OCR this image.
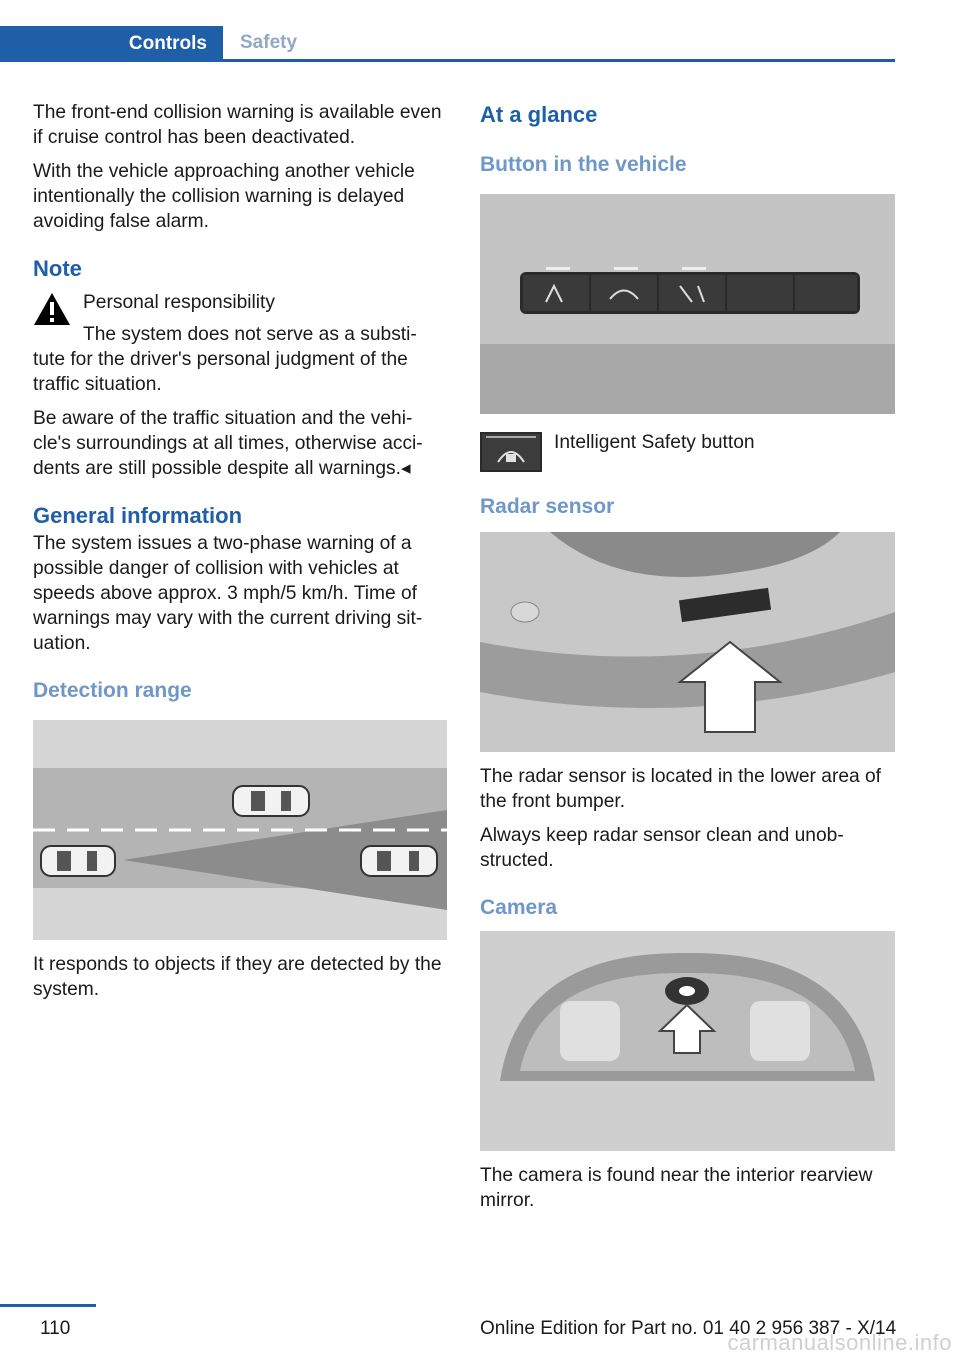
Controls	Safety

The front-end collision warning is available even if cruise control has been deactivated.

With the vehicle approaching another vehicle intentionally the collision warning is delayed avoiding false alarm.

Note

Personal responsibility

The system does not serve as a substi-tute for the driver's personal judgment of the traffic situation.

Be aware of the traffic situation and the vehi-cle's surroundings at all times, otherwise acci-dents are still possible despite all warnings.◂

General information

The system issues a two-phase warning of a possible danger of collision with vehicles at speeds above approx. 3 mph/5 km/h. Time of warnings may vary with the current driving sit-uation.

Detection range

It responds to objects if they are detected by the system.

At a glance
Button in the vehicle

Intelligent Safety button

Radar sensor

The radar sensor is located in the lower area of the front bumper.

Always keep radar sensor clean and unob-structed.

Camera

The camera is found near the interior rearview mirror.

110	Online Edition for Part no. 01 40 2 956 387 - X/14
carmanualsonline.info
